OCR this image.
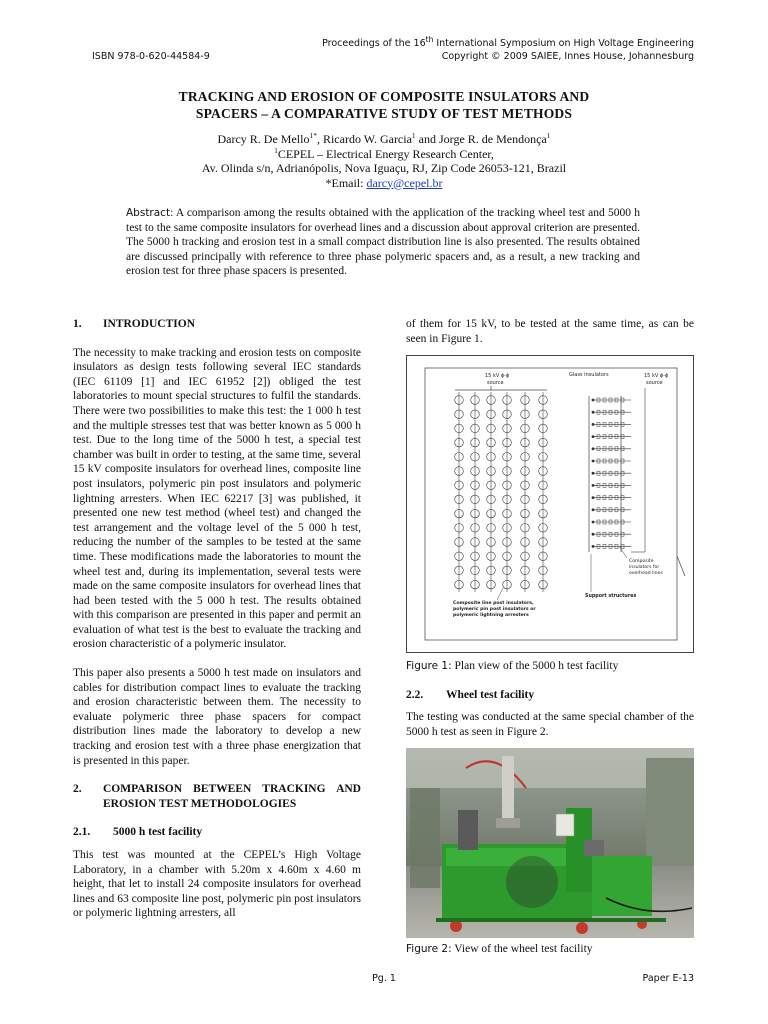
Proceedings of the 16th International Symposium on High Voltage Engineering
ISBN 978-0-620-44584-9	Copyright © 2009 SAIEE, Innes House, Johannesburg
TRACKING AND EROSION OF COMPOSITE INSULATORS AND
SPACERS – A COMPARATIVE STUDY OF TEST METHODS
Darcy R. De Mello$^{1*}$, Ricardo W. Garcia$^1$ and Jorge R. de Mendonça$^1$
$^1$CEPEL – Electrical Energy Research Center,
Av. Olinda s/n, Adrianópolis, Nova Iguaçu, RJ, Zip Code 26053-121, Brazil
*Email: darcy@cepel.br
Abstract: A comparison among the results obtained with the application of the tracking wheel test and 5000 h test to the same composite insulators for overhead lines and a discussion about approval criterion are presented. The 5000 h tracking and erosion test in a small compact distribution line is also presented. The results obtained are discussed principally with reference to three phase polymeric spacers and, as a result, a new tracking and erosion test for three phase spacers is presented.
1.	INTRODUCTION

The necessity to make tracking and erosion tests on composite insulators as design tests following several IEC standards (IEC 61109 [1] and IEC 61952 [2]) obliged the test laboratories to mount special structures to fulfil the standards. There were two possibilities to make this test: the 1 000 h test and the multiple stresses test that was better known as 5 000 h test. Due to the long time of the 5000 h test, a special test chamber was built in order to testing, at the same time, several 15 kV composite insulators for overhead lines, composite line post insulators, polymeric pin post insulators and polymeric lightning arresters. When IEC 62217 [3] was published, it presented one new test method (wheel test) and changed the test arrangement and the voltage level of the 5 000 h test, reducing the number of the samples to be tested at the same time. These modifications made the laboratories to mount the wheel test and, during its implementation, several tests were made on the same composite insulators for overhead lines that had been tested with the 5 000 h test. The results obtained with this comparison are presented in this paper and permit an evaluation of what test is the best to evaluate the tracking and erosion characteristic of a polymeric insulator.

This paper also presents a 5000 h test made on insulators and cables for distribution compact lines to evaluate the tracking and erosion characteristic between them. The necessity to evaluate polymeric three phase spacers for compact distribution lines made the laboratory to develop a new tracking and erosion test with a three phase energization that is presented in this paper.

2.	COMPARISON BETWEEN TRACKING AND EROSION TEST METHODOLOGIES
2.1.	5000 h test facility

This test was mounted at the CEPEL’s High Voltage Laboratory, in a chamber with 5.20m x 4.60m x 4.60 m height, that let to install 24 composite insulators for overhead lines and 63 composite line post, polymeric pin post insulators or polymeric lightning arresters, all

of them for 15 kV, to be tested at the same time, as can be seen in Figure 1.

15 kV ϕ-ϕ
source
Glass insulators	15 kV ϕ-ϕ
source
Composite
insulators for
overhead lines
Support structures
Composite line post insulators,
polymeric pin post insulators or
polymeric lightning arresters
Figure 1: Plan view of the 5000 h test facility
2.2.	Wheel test facility

The testing was conducted at the same special chamber of the 5000 h test as seen in Figure 2.

Figure 2: View of the wheel test facility
Pg. 1	Paper E-13
